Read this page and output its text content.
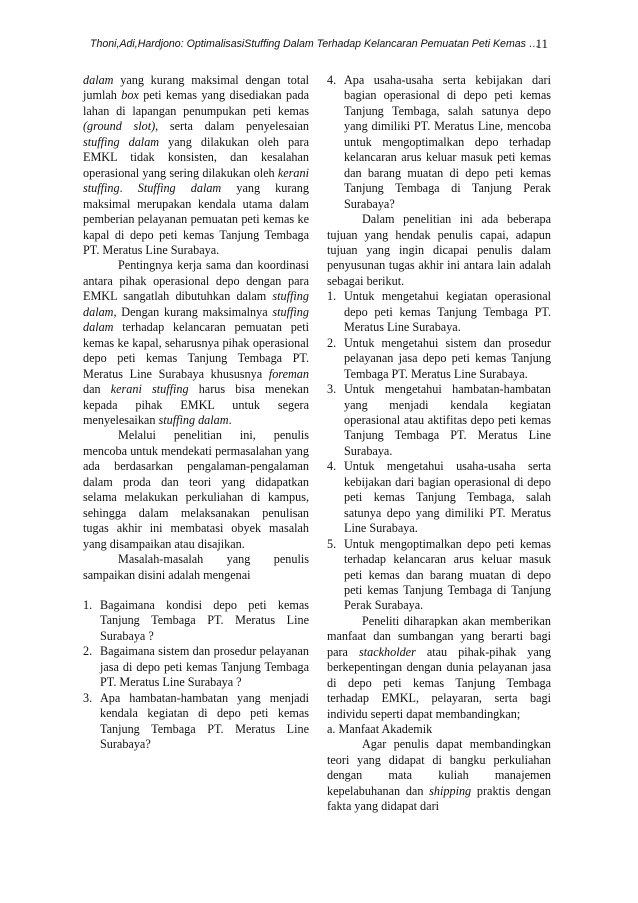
Thoni,Adi,Hardjono: OptimalisasiStuffing Dalam Terhadap Kelancaran Pemuatan Peti Kemas …
11

dalam yang kurang maksimal dengan total jumlah box peti kemas yang disediakan pada lahan di lapangan penumpukan peti kemas (ground slot), serta dalam penyelesaian stuffing dalam yang dilakukan oleh para EMKL tidak konsisten, dan kesalahan operasional yang sering dilakukan oleh kerani stuffing. Stuffing dalam yang kurang maksimal merupakan kendala utama dalam pemberian pelayanan pemuatan peti kemas ke kapal di depo peti kemas Tanjung Tembaga PT. Meratus Line Surabaya.

Pentingnya kerja sama dan koordinasi antara pihak operasional depo dengan para EMKL sangatlah dibutuhkan dalam stuffing dalam, Dengan kurang maksimalnya stuffing dalam terhadap kelancaran pemuatan peti kemas ke kapal, seharusnya pihak operasional depo peti kemas Tanjung Tembaga PT. Meratus Line Surabaya khususnya foreman dan kerani stuffing harus bisa menekan kepada pihak EMKL untuk segera menyelesaikan stuffing dalam.

Melalui penelitian ini, penulis mencoba untuk mendekati permasalahan yang ada berdasarkan pengalaman-pengalaman dalam proda dan teori yang didapatkan selama melakukan perkuliahan di kampus, sehingga dalam melaksanakan penulisan tugas akhir ini membatasi obyek masalah yang disampaikan atau disajikan.

Masalah-masalah yang penulis sampaikan disini adalah mengenai

1. Bagaimana kondisi depo peti kemas Tanjung Tembaga PT. Meratus Line Surabaya ?
2. Bagaimana sistem dan prosedur pelayanan jasa di depo peti kemas Tanjung Tembaga PT. Meratus Line Surabaya ?
3. Apa hambatan-hambatan yang menjadi kendala kegiatan di depo peti kemas Tanjung Tembaga PT. Meratus Line Surabaya?
4. Apa usaha-usaha serta kebijakan dari bagian operasional di depo peti kemas Tanjung Tembaga, salah satunya depo yang dimiliki PT. Meratus Line, mencoba untuk mengoptimalkan depo terhadap kelancaran arus keluar masuk peti kemas dan barang muatan di depo peti kemas Tanjung Tembaga di Tanjung Perak Surabaya?

Dalam penelitian ini ada beberapa tujuan yang hendak penulis capai, adapun tujuan yang ingin dicapai penulis dalam penyusunan tugas akhir ini antara lain adalah sebagai berikut.

1. Untuk mengetahui kegiatan operasional depo peti kemas Tanjung Tembaga PT. Meratus Line Surabaya.
2. Untuk mengetahui sistem dan prosedur pelayanan jasa depo peti kemas Tanjung Tembaga PT. Meratus Line Surabaya.
3. Untuk mengetahui hambatan-hambatan yang menjadi kendala kegiatan operasional atau aktifitas depo peti kemas Tanjung Tembaga PT. Meratus Line Surabaya.
4. Untuk mengetahui usaha-usaha serta kebijakan dari bagian operasional di depo peti kemas Tanjung Tembaga, salah satunya depo yang dimiliki PT. Meratus Line Surabaya.
5. Untuk mengoptimalkan depo peti kemas terhadap kelancaran arus keluar masuk peti kemas dan barang muatan di depo peti kemas Tanjung Tembaga di Tanjung Perak Surabaya.

Peneliti diharapkan akan memberikan manfaat dan sumbangan yang berarti bagi para stackholder atau pihak-pihak yang berkepentingan dengan dunia pelayanan jasa di depo peti kemas Tanjung Tembaga terhadap EMKL, pelayaran, serta bagi individu seperti dapat membandingkan;

a. Manfaat Akademik

Agar penulis dapat membandingkan teori yang didapat di bangku perkuliahan dengan mata kuliah manajemen kepelabuhanan dan shipping praktis dengan fakta yang didapat dari
